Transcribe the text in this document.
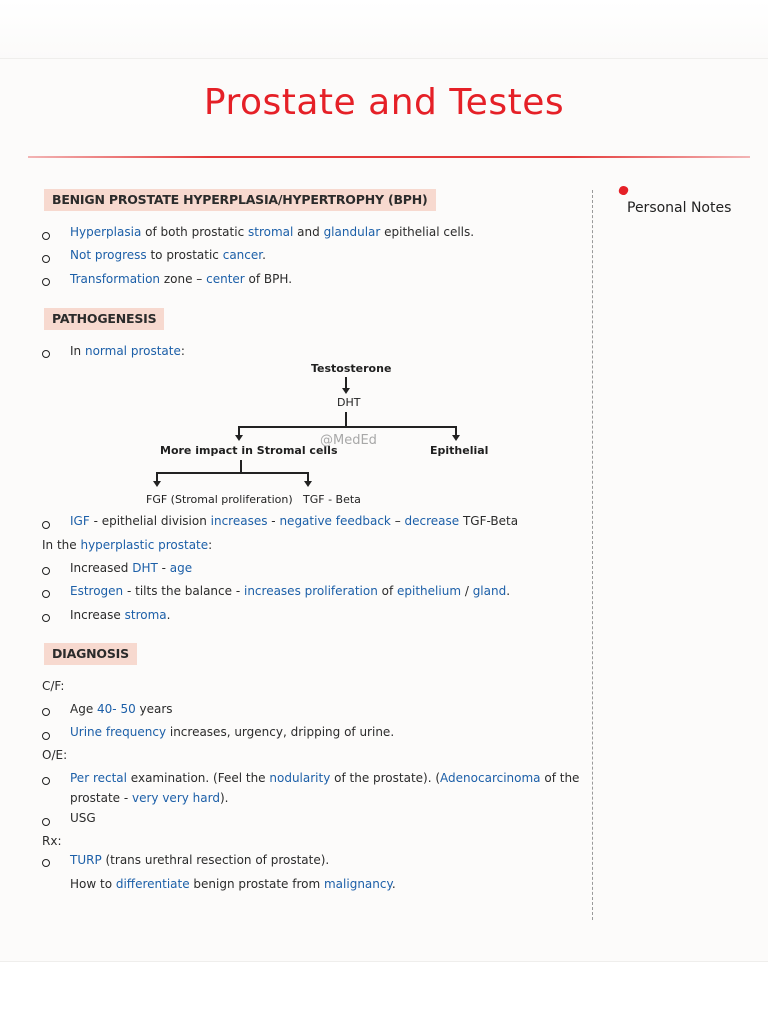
Prostate and Testes
Personal Notes
BENIGN PROSTATE HYPERPLASIA/HYPERTROPHY (BPH)
Hyperplasia of both prostatic stromal and glandular epithelial cells.
Not progress to prostatic cancer.
Transformation zone – center of BPH.
PATHOGENESIS
In normal prostate:
Testosterone
DHT
More impact in Stromal cells
@MedEd
Epithelial
FGF (Stromal proliferation) TGF - Beta
IGF - epithelial division increases - negative feedback – decrease TGF-Beta
In the hyperplastic prostate:
Increased DHT - age
Estrogen - tilts the balance - increases proliferation of epithelium / gland.
Increase stroma.
DIAGNOSIS
C/F:
Age 40- 50 years
Urine frequency increases, urgency, dripping of urine.
O/E:
Per rectal examination. (Feel the nodularity of the prostate). (Adenocarcinoma of the
prostate - very very hard).
USG
Rx:
TURP (trans urethral resection of prostate).
How to differentiate benign prostate from malignancy.
